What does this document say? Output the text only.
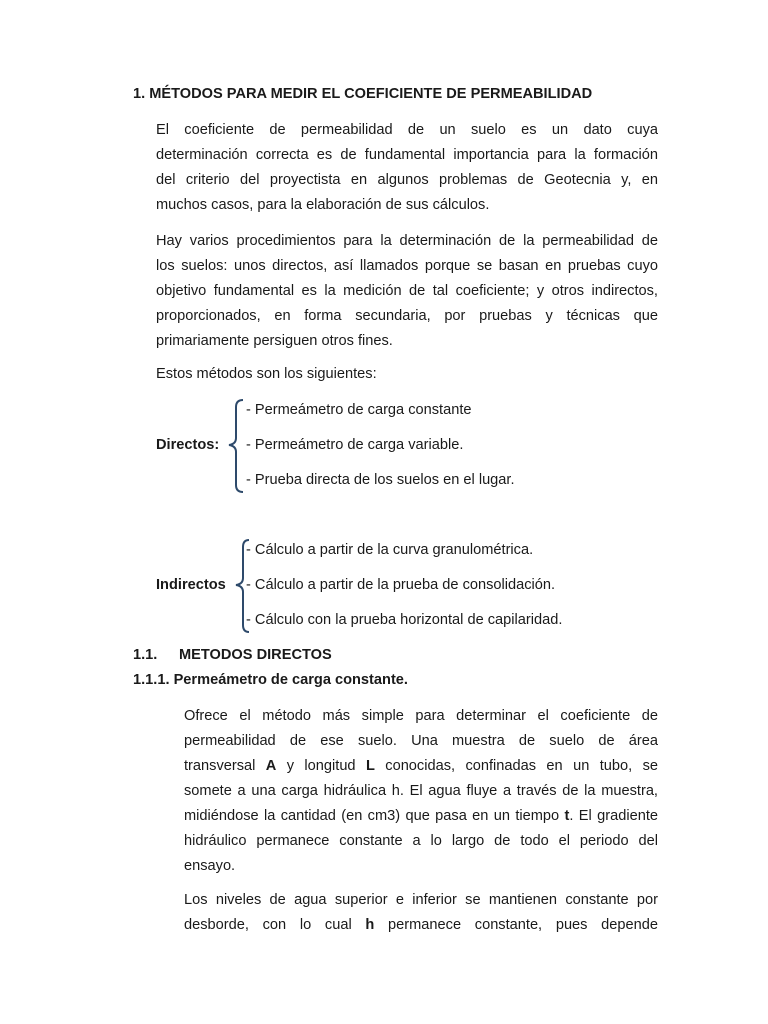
1. MÉTODOS PARA MEDIR EL COEFICIENTE DE PERMEABILIDAD
El coeficiente de permeabilidad de un suelo es un dato cuya
determinación correcta es de fundamental importancia para la formación
del criterio del proyectista en algunos problemas de Geotecnia y, en
muchos casos, para la elaboración de sus cálculos.
Hay varios procedimientos para la determinación de la permeabilidad de
los suelos: unos directos, así llamados porque se basan en pruebas cuyo
objetivo fundamental es la medición de tal coeficiente; y otros indirectos,
proporcionados, en forma secundaria, por pruebas y técnicas que
primariamente persiguen otros fines.
Estos métodos son los siguientes:
Directos:
- Permeámetro de carga constante
- Permeámetro de carga variable.
- Prueba directa de los suelos en el lugar.
Indirectos
- Cálculo a partir de la curva granulométrica.
- Cálculo a partir de la prueba de consolidación.
- Cálculo con la prueba horizontal de capilaridad.
1.1. METODOS DIRECTOS
1.1.1. Permeámetro de carga constante.
Ofrece el método más simple para determinar el coeficiente de
permeabilidad de ese suelo. Una muestra de suelo de área
transversal A y longitud L conocidas, confinadas en un tubo, se
somete a una carga hidráulica h. El agua fluye a través de la muestra,
midiéndose la cantidad (en cm3) que pasa en un tiempo t. El gradiente
hidráulico permanece constante a lo largo de todo el periodo del
ensayo.
Los niveles de agua superior e inferior se mantienen constante por
desborde, con lo cual h permanece constante, pues depende
